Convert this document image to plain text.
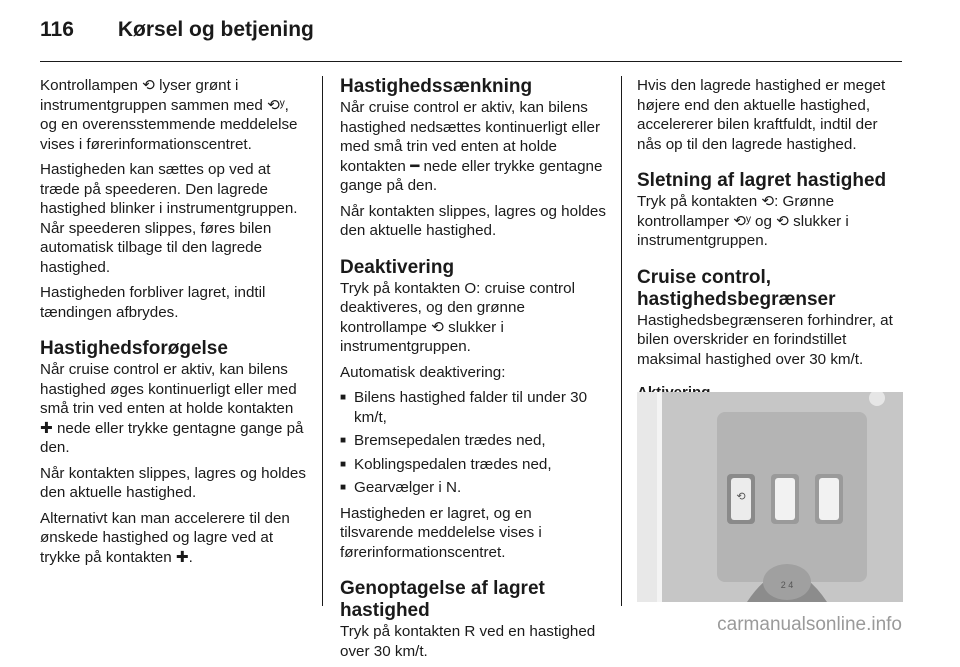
116 Kørsel og betjening

Kontrollampen ⟲ lyser grønt i instrumentgruppen sammen med ⟲ʸ, og en overensstemmende meddelelse vises i førerinformationscentret.

Hastigheden kan sættes op ved at træde på speederen. Den lagrede hastighed blinker i instrumentgruppen. Når speederen slippes, føres bilen automatisk tilbage til den lagrede hastighed.

Hastigheden forbliver lagret, indtil tændingen afbrydes.

Hastighedsforøgelse

Når cruise control er aktiv, kan bilens hastighed øges kontinuerligt eller med små trin ved enten at holde kontakten ✚ nede eller trykke gentagne gange på den.

Når kontakten slippes, lagres og holdes den aktuelle hastighed.

Alternativt kan man accelerere til den ønskede hastighed og lagre ved at trykke på kontakten ✚.

Hastighedssænkning

Når cruise control er aktiv, kan bilens hastighed nedsættes kontinuerligt eller med små trin ved enten at holde kontakten ━ nede eller trykke gentagne gange på den.

Når kontakten slippes, lagres og holdes den aktuelle hastighed.

Deaktivering

Tryk på kontakten O: cruise control deaktiveres, og den grønne kontrollampe ⟲ slukker i instrumentgruppen.

Automatisk deaktivering:

■ Bilens hastighed falder til under 30 km/t,
■ Bremsepedalen trædes ned,
■ Koblingspedalen trædes ned,
■ Gearvælger i N.

Hastigheden er lagret, og en tilsvarende meddelelse vises i førerinformationscentret.

Genoptagelse af lagret hastighed

Tryk på kontakten R ved en hastighed over 30 km/t.

Hvis den lagrede hastighed er meget højere end den aktuelle hastighed, accelererer bilen kraftfuldt, indtil der nås op til den lagrede hastighed.

Sletning af lagret hastighed

Tryk på kontakten ⟲: Grønne kontrollamper ⟲ʸ og ⟲ slukker i instrumentgruppen.

Cruise control, hastighedsbegrænser

Hastighedsbegrænseren forhindrer, at bilen overskrider en forindstillet maksimal hastighed over 30 km/t.

⟲
2 4
carmanualsonline.info
